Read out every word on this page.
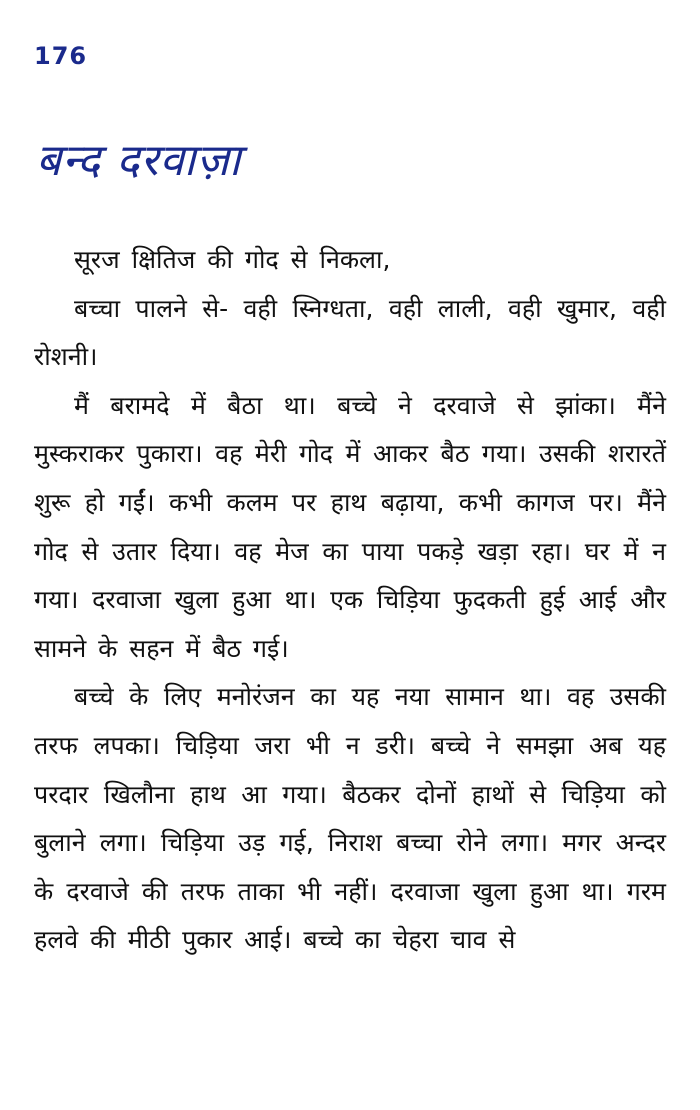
176
बन्द दरवाज़ा

सूरज क्षितिज की गोद से निकला,

बच्चा पालने से- वही स्निग्धता, वही लाली, वही खुमार, वही रोशनी।

मैं बरामदे में बैठा था। बच्चे ने दरवाजे से झांका। मैंने मुस्कराकर पुकारा। वह मेरी गोद में आकर बैठ गया। उसकी शरारतें शुरू हो गईं। कभी कलम पर हाथ बढ़ाया, कभी कागज पर। मैंने गोद से उतार दिया। वह मेज का पाया पकड़े खड़ा रहा। घर में न गया। दरवाजा खुला हुआ था। एक चिड़िया फुदकती हुई आई और सामने के सहन में बैठ गई।

बच्चे के लिए मनोरंजन का यह नया सामान था। वह उसकी तरफ लपका। चिड़िया जरा भी न डरी। बच्चे ने समझा अब यह परदार खिलौना हाथ आ गया। बैठकर दोनों हाथों से चिड़िया को बुलाने लगा। चिड़िया उड़ गई, निराश बच्चा रोने लगा। मगर अन्दर के दरवाजे की तरफ ताका भी नहीं। दरवाजा खुला हुआ था। गरम हलवे की मीठी पुकार आई। बच्चे का चेहरा चाव से
